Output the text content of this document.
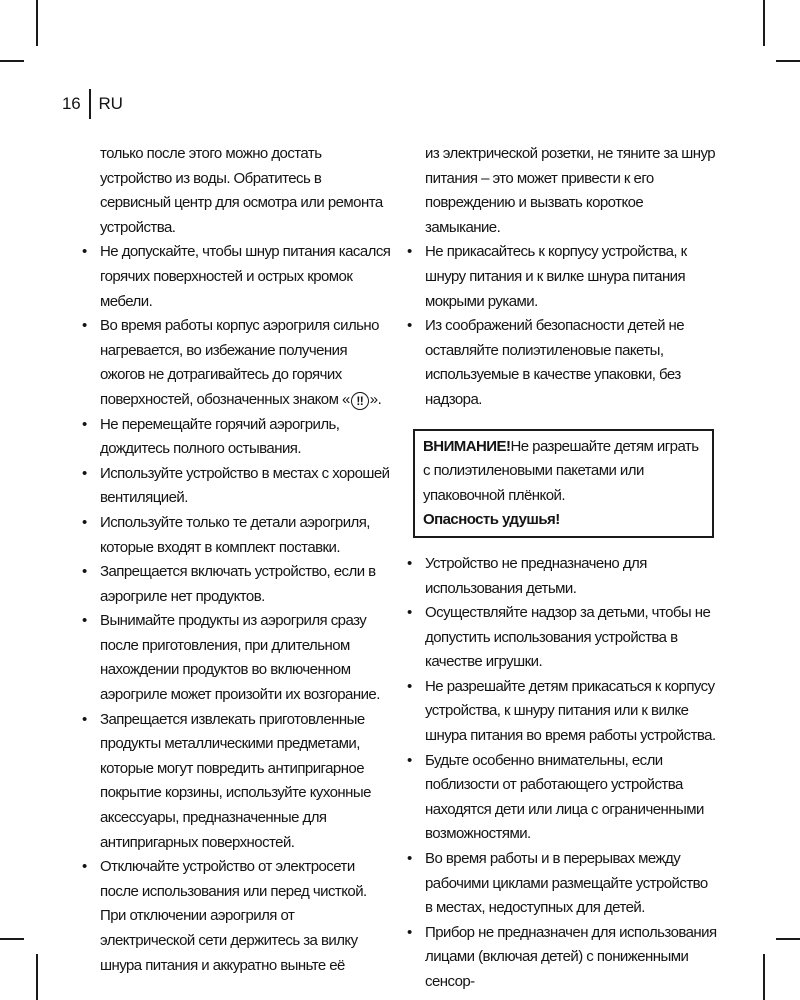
16	RU

только после этого можно достать устройство из воды. Обратитесь в сервисный центр для осмотра или ремонта устройства.

• Не допускайте, чтобы шнур питания касался горячих поверхностей и острых кромок мебели.
• Во время работы корпус аэрогриля сильно нагревается, во избежание получения ожогов не дотрагивайтесь до горячих поверхностей, обозначенных знаком « !! ».
• Не перемещайте горячий аэрогриль, дождитесь полного остывания.
• Используйте устройство в местах с хорошей вентиляцией.
• Используйте только те детали аэрогриля, которые входят в комплект поставки.
• Запрещается включать устройство, если в аэрогриле нет продуктов.
• Вынимайте продукты из аэрогриля сразу после приготовления, при длительном нахождении продуктов во включенном аэрогриле может произойти их возгорание.
• Запрещается извлекать приготовленные продукты металлическими предметами, которые могут повредить антипригарное покрытие корзины, используйте кухонные аксессуары, предназначенные для антипригарных поверхностей.
• Отключайте устройство от электросети после использования или перед чисткой. При отключении аэрогриля от электрической сети держитесь за вилку шнура питания и аккуратно выньте её

из электрической розетки, не тяните за шнур питания – это может привести к его повреждению и вызвать короткое замыкание.

• Не прикасайтесь к корпусу устройства, к шнуру питания и к вилке шнура питания мокрыми руками.
• Из соображений безопасности детей не оставляйте полиэтиленовые пакеты, используемые в качестве упаковки, без надзора.
ВНИМАНИЕ!Не разрешайте детям играть с полиэтиленовыми пакетами или упаковочной плёнкой.
Опасность удушья!
• Устройство не предназначено для использования детьми.
• Осуществляйте надзор за детьми, чтобы не допустить использования устройства в качестве игрушки.
• Не разрешайте детям прикасаться к корпусу устройства, к шнуру питания или к вилке шнура питания во время работы устройства.
• Будьте особенно внимательны, если поблизости от работающего устройства находятся дети или лица с ограниченными возможностями.
• Во время работы и в перерывах между рабочими циклами размещайте устройство в местах, недоступных для детей.
• Прибор не предназначен для использования лицами (включая детей) с пониженными сенсор-
